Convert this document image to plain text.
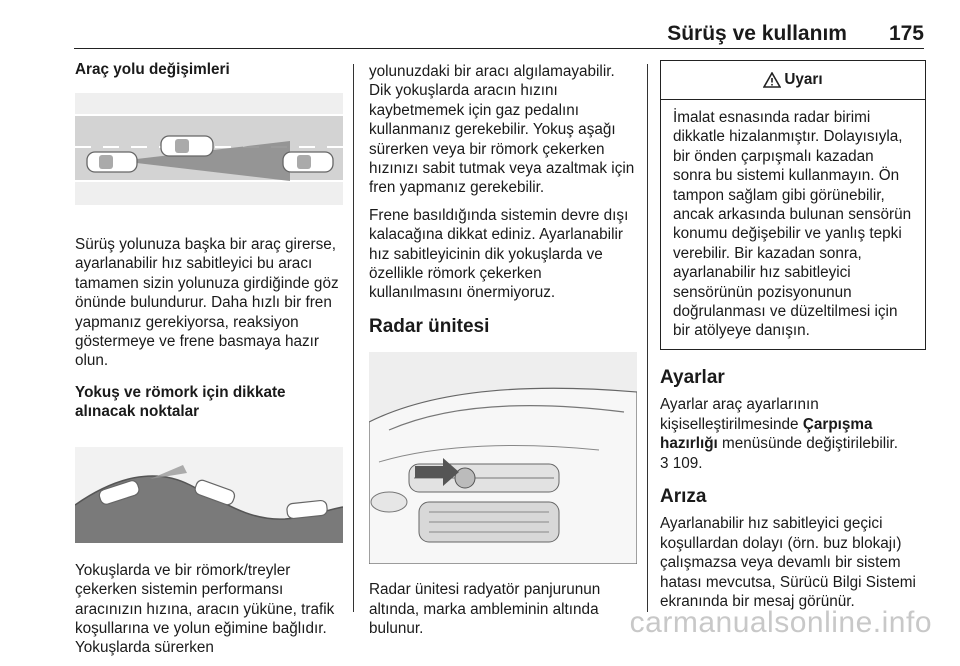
Sürüş ve kullanım 175
Araç yolu değişimleri

Sürüş yolunuza başka bir araç girerse, ayarlanabilir hız sabitleyici bu aracı tamamen sizin yolunuza girdiğinde göz önünde bulundurur. Daha hızlı bir fren yapmanız gerekiyorsa, reaksiyon göstermeye ve frene basmaya hazır olun.

Yokuş ve römork için dikkate alınacak noktalar

Yokuşlarda ve bir römork/treyler çekerken sistemin performansı aracınızın hızına, aracın yüküne, trafik koşullarına ve yolun eğimine bağlıdır. Yokuşlarda sürerken

yolunuzdaki bir aracı algılamayabilir. Dik yokuşlarda aracın hızını kaybetmemek için gaz pedalını kullanmanız gerekebilir. Yokuş aşağı sürerken veya bir römork çekerken hızınızı sabit tutmak veya azaltmak için fren yapmanız gerekebilir.

Frene basıldığında sistemin devre dışı kalacağına dikkat ediniz. Ayarlanabilir hız sabitleyicinin dik yokuşlarda ve özellikle römork çekerken kullanılmasını önermiyoruz.

Radar ünitesi

Radar ünitesi radyatör panjurunun altında, marka ambleminin altında bulunur.

Uyarı
İmalat esnasında radar birimi dikkatle hizalanmıştır. Dolayısıyla, bir önden çarpışmalı kazadan sonra bu sistemi kullanmayın. Ön tampon sağlam gibi görünebilir, ancak arkasında bulunan sensörün konumu değişebilir ve yanlış tepki verebilir. Bir kazadan sonra, ayarlanabilir hız sabitleyici sensörünün pozisyonunun doğrulanması ve düzeltilmesi için bir atölyeye danışın.
Ayarlar

Ayarlar araç ayarlarının kişiselleştirilmesinde Çarpışma hazırlığı menüsünde değiştirilebilir.
3 109.

Arıza

Ayarlanabilir hız sabitleyici geçici koşullardan dolayı (örn. buz blokajı) çalışmazsa veya devamlı bir sistem hatası mevcutsa, Sürücü Bilgi Sistemi ekranında bir mesaj görünür.

carmanualsonline.info
